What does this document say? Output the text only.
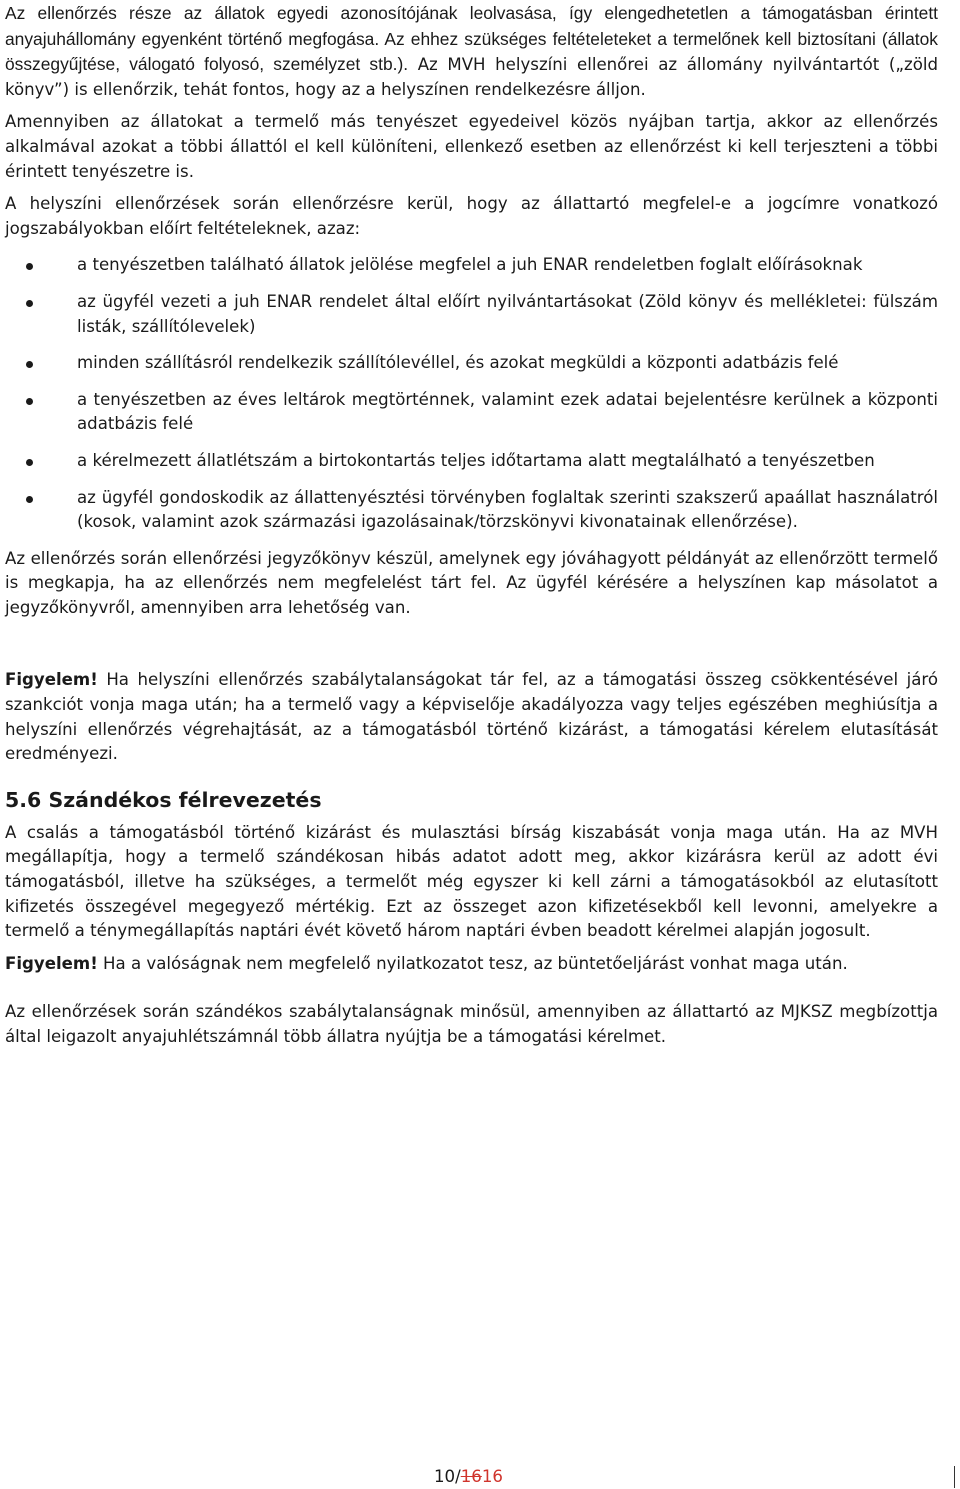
Az ellenőrzés része az állatok egyedi azonosítójának leolvasása, így elengedhetetlen a támogatásban érintett anyajuhállomány egyenként történő megfogása. Az ehhez szükséges feltételeteket a termelőnek kell biztosítani (állatok összegyűjtése, válogató folyosó, személyzet stb.). Az MVH helyszíni ellenőrei az állomány nyilvántartót („zöld könyv”) is ellenőrzik, tehát fontos, hogy az a helyszínen rendelkezésre álljon.

Amennyiben az állatokat a termelő más tenyészet egyedeivel közös nyájban tartja, akkor az ellenőrzés alkalmával azokat a többi állattól el kell különíteni, ellenkező esetben az ellenőrzést ki kell terjeszteni a többi érintett tenyészetre is.

A helyszíni ellenőrzések során ellenőrzésre kerül, hogy az állattartó megfelel-e a jogcímre vonatkozó jogszabályokban előírt feltételeknek, azaz:

a tenyészetben található állatok jelölése megfelel a juh ENAR rendeletben foglalt előírásoknak
az ügyfél vezeti a juh ENAR rendelet által előírt nyilvántartásokat (Zöld könyv és mellékletei: fülszám listák, szállítólevelek)
minden szállításról rendelkezik szállítólevéllel, és azokat megküldi a központi adatbázis felé
a tenyészetben az éves leltárok megtörténnek, valamint ezek adatai bejelentésre kerülnek a központi adatbázis felé
a kérelmezett állatlétszám a birtokontartás teljes időtartama alatt megtalálható a tenyészetben
az ügyfél gondoskodik az állattenyésztési törvényben foglaltak szerinti szakszerű apaállat használatról (kosok, valamint azok származási igazolásainak/törzskönyvi kivonatainak ellenőrzése).

Az ellenőrzés során ellenőrzési jegyzőkönyv készül, amelynek egy jóváhagyott példányát az ellenőrzött termelő is megkapja, ha az ellenőrzés nem megfelelést tárt fel. Az ügyfél kérésére a helyszínen kap másolatot a jegyzőkönyvről, amennyiben arra lehetőség van.

Figyelem! Ha helyszíni ellenőrzés szabálytalanságokat tár fel, az a támogatási összeg csökkentésével járó szankciót vonja maga után; ha a termelő vagy a képviselője akadályozza vagy teljes egészében meghiúsítja a helyszíni ellenőrzés végrehajtását, az a támogatásból történő kizárást, a támogatási kérelem elutasítását eredményezi.

5.6 Szándékos félrevezetés

A csalás a támogatásból történő kizárást és mulasztási bírság kiszabását vonja maga után. Ha az MVH megállapítja, hogy a termelő szándékosan hibás adatot adott meg, akkor kizárásra kerül az adott évi támogatásból, illetve ha szükséges, a termelőt még egyszer ki kell zárni a támogatásokból az elutasított kifizetés összegével megegyező mértékig. Ezt az összeget azon kifizetésekből kell levonni, amelyekre a termelő a ténymegállapítás naptári évét követő három naptári évben beadott kérelmei alapján jogosult.

Figyelem! Ha a valóságnak nem megfelelő nyilatkozatot tesz, az büntetőeljárást vonhat maga után.

Az ellenőrzések során szándékos szabálytalanságnak minősül, amennyiben az állattartó az MJKSZ megbízottja által leigazolt anyajuhlétszámnál több állatra nyújtja be a támogatási kérelmet.

10/1616
